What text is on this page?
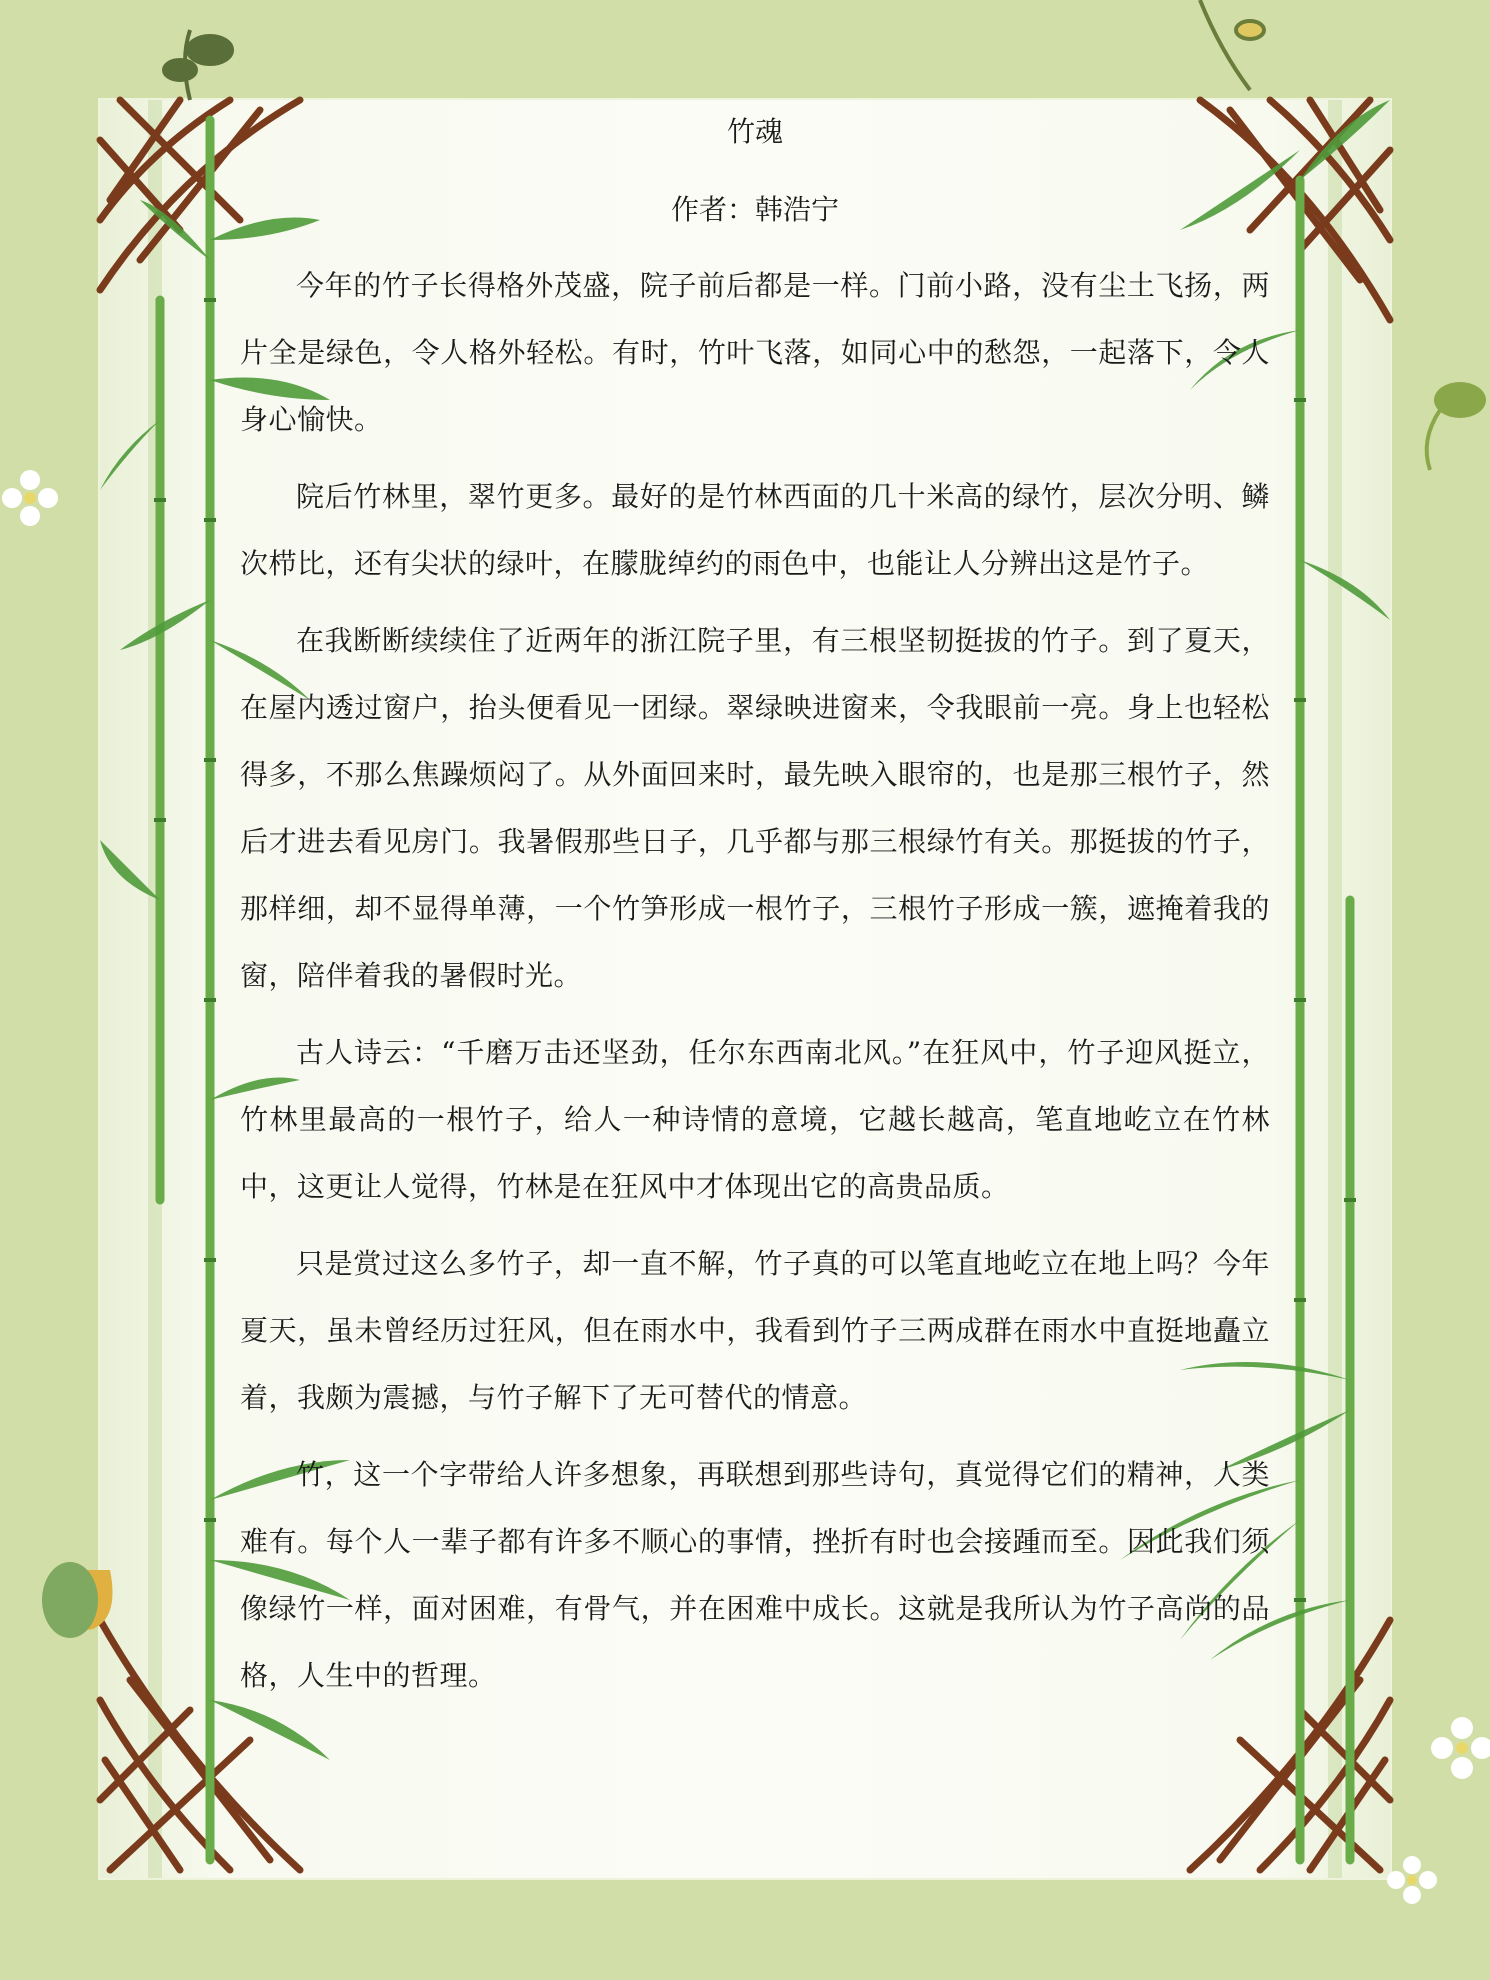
竹魂
作者：韩浩宁

今年的竹子长得格外茂盛，院子前后都是一样。门前小路，没有尘土飞扬，两片全是绿色，令人格外轻松。有时，竹叶飞落，如同心中的愁怨，一起落下，令人身心愉快。

院后竹林里，翠竹更多。最好的是竹林西面的几十米高的绿竹，层次分明、鳞次栉比，还有尖状的绿叶，在朦胧绰约的雨色中，也能让人分辨出这是竹子。

在我断断续续住了近两年的浙江院子里，有三根坚韧挺拔的竹子。到了夏天，在屋内透过窗户，抬头便看见一团绿。翠绿映进窗来，令我眼前一亮。身上也轻松得多，不那么焦躁烦闷了。从外面回来时，最先映入眼帘的，也是那三根竹子，然后才进去看见房门。我暑假那些日子，几乎都与那三根绿竹有关。那挺拔的竹子，那样细，却不显得单薄，一个竹笋形成一根竹子，三根竹子形成一簇，遮掩着我的窗，陪伴着我的暑假时光。

古人诗云：“千磨万击还坚劲，任尔东西南北风。”在狂风中，竹子迎风挺立，竹林里最高的一根竹子，给人一种诗情的意境，它越长越高，笔直地屹立在竹林中，这更让人觉得，竹林是在狂风中才体现出它的高贵品质。

只是赏过这么多竹子，却一直不解，竹子真的可以笔直地屹立在地上吗？今年夏天，虽未曾经历过狂风，但在雨水中，我看到竹子三两成群在雨水中直挺地矗立着，我颇为震撼，与竹子解下了无可替代的情意。

竹，这一个字带给人许多想象，再联想到那些诗句，真觉得它们的精神，人类难有。每个人一辈子都有许多不顺心的事情，挫折有时也会接踵而至。因此我们须像绿竹一样，面对困难，有骨气，并在困难中成长。这就是我所认为竹子高尚的品格，人生中的哲理。
